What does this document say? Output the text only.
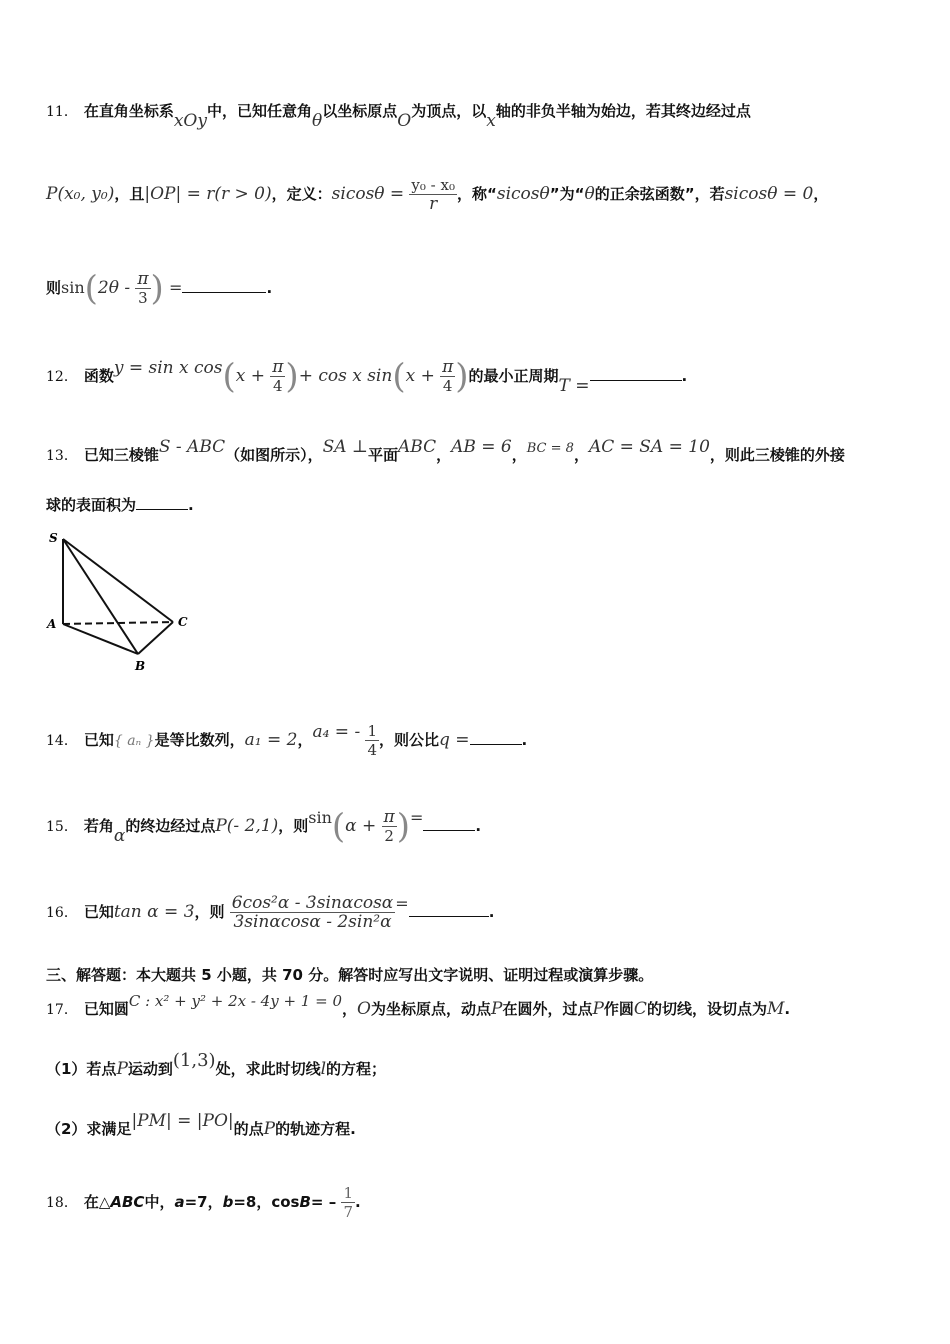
11． 在直角坐标系xOy中，已知任意角θ以坐标原点O为顶点，以x轴的非负半轴为始边，若其终边经过点
P(x₀, y₀)，且|OP| = r(r > 0)，定义：$sicos\theta = \frac{\text{y₀ - x₀}}{r}$ ，称“sicosθ”为“θ的正余弦函数”，若sicosθ = 0，
则$\sin(2\theta - \frac{\pi}{3}$ ) =	.
12． 函数y = sin x $\cos(x + \frac{\pi}{4}$ )+ cos x $\sin(x + \frac{\pi}{4}$ )的最小正周期T =	.
13． 已知三棱锥S - ABC（如图所示），SA ⊥平面ABC，AB = 6，BC = 8，AC = SA = 10，则此三棱锥的外接
球的表面积为	.
S
A
B
C
14． 已知{ aₙ }是等比数列，a₁ = 2，a₄ = - $\frac{1}{4}$ ，则公比q =	.
15． 若角α的终边经过点P(- 2,1)，则$\sin(\alpha + \frac{\pi}{2}$ )=	.
16． 已知tan α = 3，则 $\frac{\text{6cos²α - 3sinαcosα}}{\text{3sinαcosα - 2sin²α}}$ =	.
三、解答题：本大题共 5 小题，共 70 分。解答时应写出文字说明、证明过程或演算步骤。
17． 已知圆C : x² + y² + 2x - 4y + 1 = 0，O为坐标原点，动点P在圆外，过点P作圆C的切线，设切点为M.
（1）若点P运动到(1,3)处，求此时切线l的方程；
（2）求满足|PM| = |PO|的点P的轨迹方程.
18． 在△ABC中，a=7，b=8，$\cos B= - \frac{1}{7}$ .
